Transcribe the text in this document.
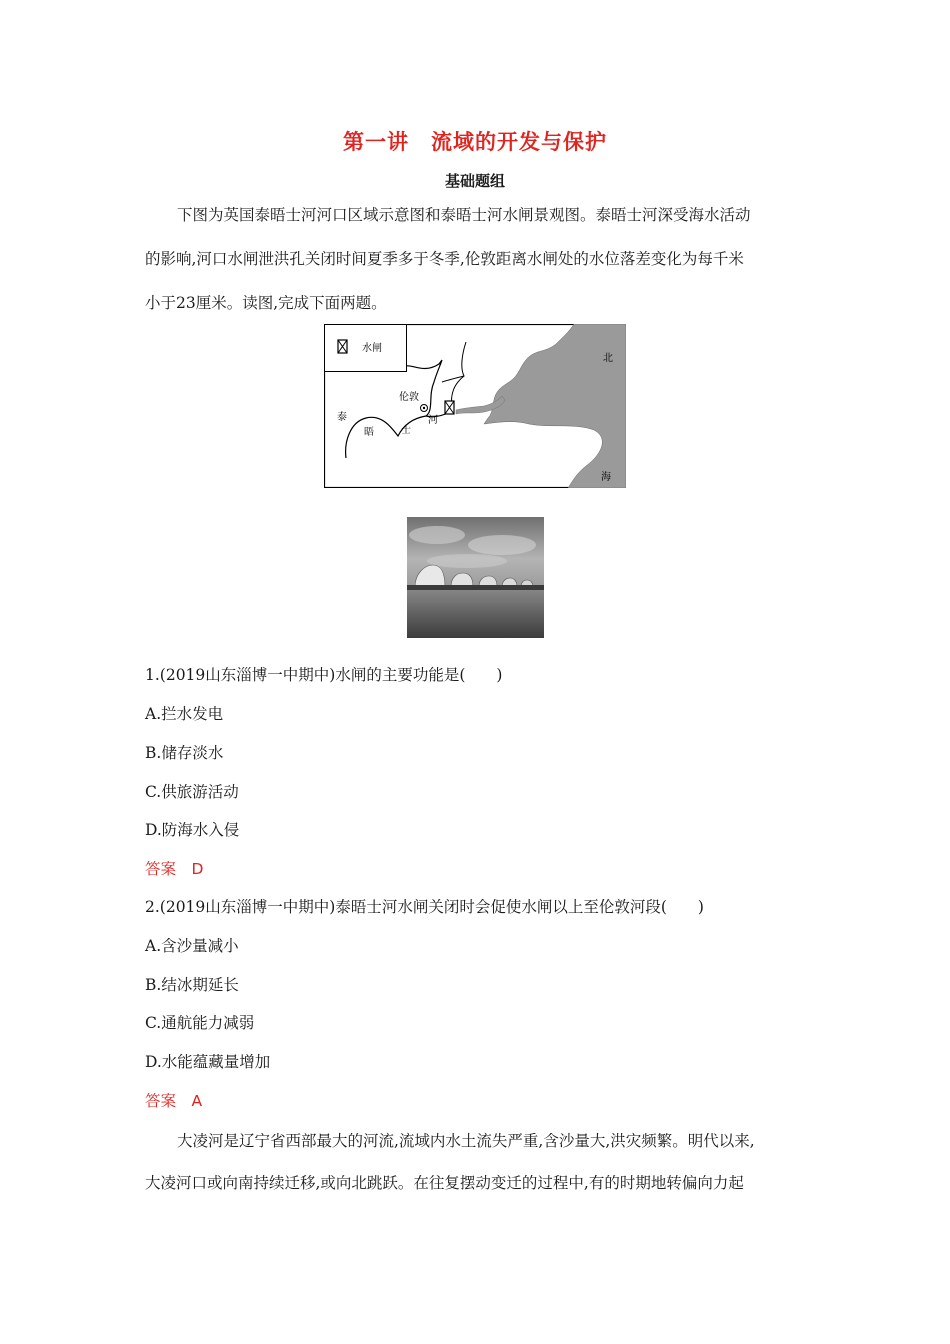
第一讲　流域的开发与保护
基础题组
下图为英国泰晤士河河口区域示意图和泰晤士河水闸景观图。泰晤士河深受海水活动
的影响,河口水闸泄洪孔关闭时间夏季多于冬季,伦敦距离水闸处的水位落差变化为每千米
小于23厘米。读图,完成下面两题。
水闸
伦敦
泰
晤	士
河
北
海
1.(2019山东淄博一中期中)水闸的主要功能是(　　)
A.拦水发电
B.储存淡水
C.供旅游活动
D.防海水入侵
答案　D
2.(2019山东淄博一中期中)泰晤士河水闸关闭时会促使水闸以上至伦敦河段(　　)
A.含沙量减小
B.结冰期延长
C.通航能力减弱
D.水能蕴藏量增加
答案　A
大凌河是辽宁省西部最大的河流,流域内水土流失严重,含沙量大,洪灾频繁。明代以来,
大凌河口或向南持续迁移,或向北跳跃。在往复摆动变迁的过程中,有的时期地转偏向力起
